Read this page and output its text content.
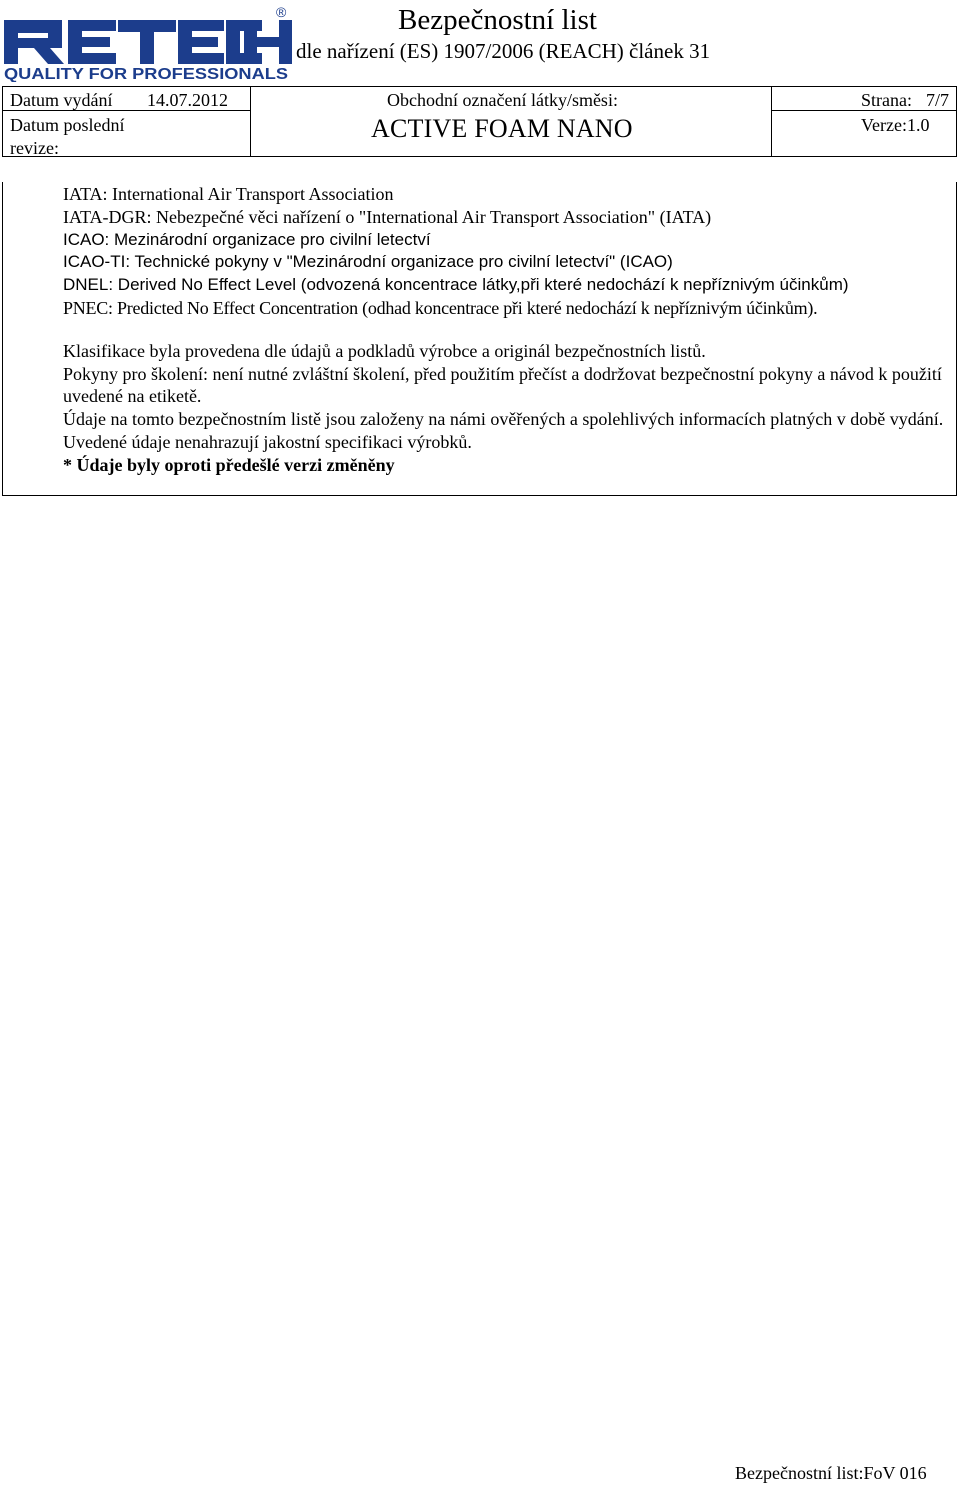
®
QUALITY FOR PROFESSIONALS
Bezpečnostní list
dle nařízení (ES) 1907/2006 (REACH) článek 31
Datum vydání 14.07.2012	Obchodní označení látky/směsi:	Strana: 7/7
Datum poslední
revize:
ACTIVE FOAM NANO	Verze:1.0

IATA: International Air Transport Association

IATA-DGR: Nebezpečné věci nařízení o "International Air Transport Association" (IATA)

ICAO: Mezinárodní organizace pro civilní letectví

ICAO-TI: Technické pokyny v "Mezinárodní organizace pro civilní letectví" (ICAO)

DNEL: Derived No Effect Level (odvozená koncentrace látky,při které nedochází k nepříznivým účinkům)

PNEC: Predicted No Effect Concentration (odhad koncentrace při které nedochází k nepříznivým účinkům).

Klasifikace byla provedena dle údajů a podkladů výrobce a originál bezpečnostních listů.

Pokyny pro školení: není nutné zvláštní školení, před použitím přečíst a dodržovat bezpečnostní pokyny a návod k použití uvedené na etiketě.

Údaje na tomto bezpečnostním listě jsou založeny na námi ověřených a spolehlivých informacích platných v době vydání. Uvedené údaje nenahrazují jakostní specifikaci výrobků.

* Údaje byly oproti předešlé verzi změněny

Bezpečnostní list:FoV 016
